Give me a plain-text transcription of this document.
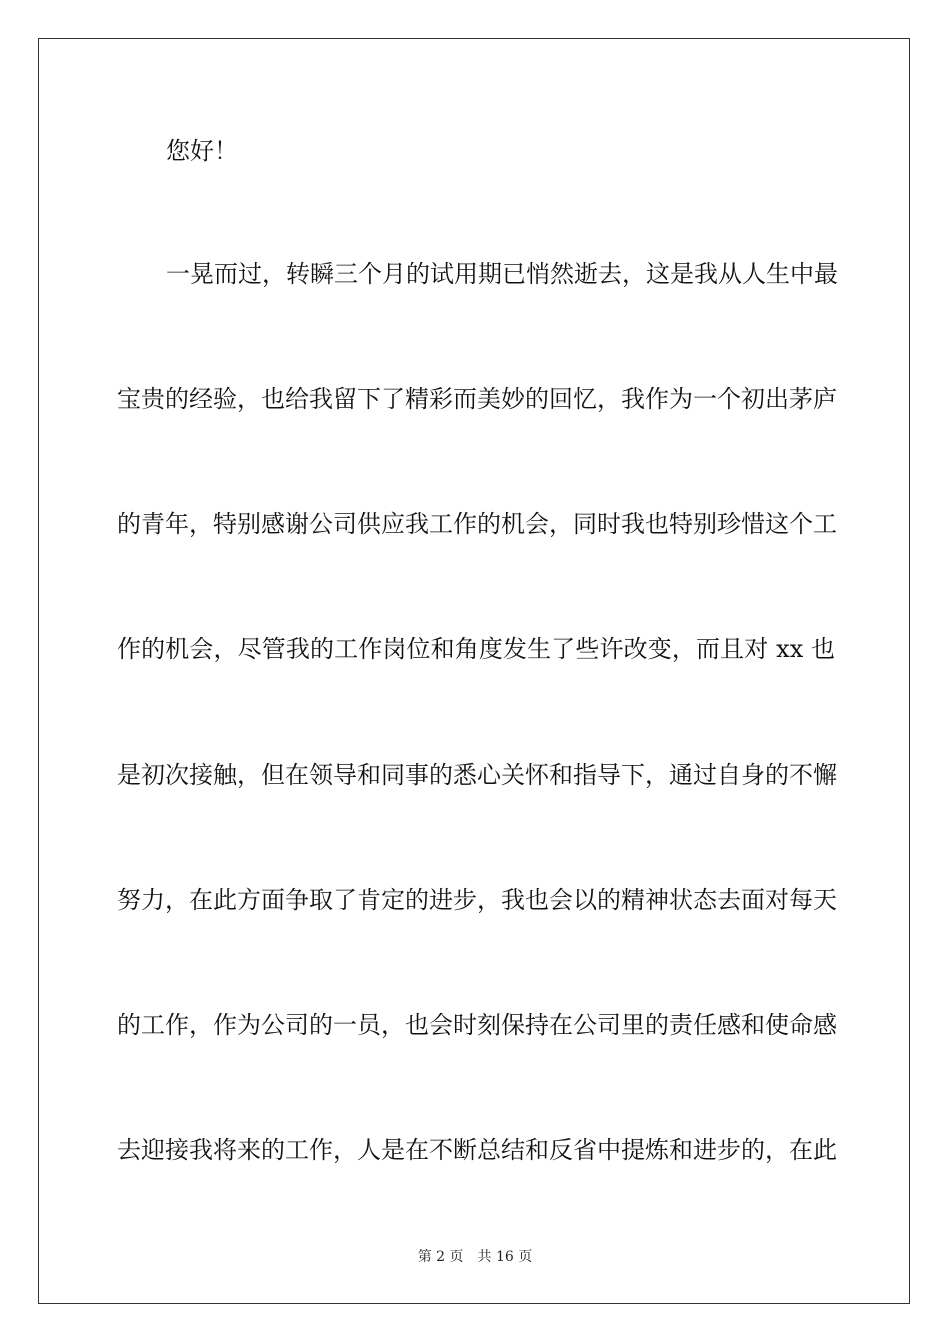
您好！
一晃而过，转瞬三个月的试用期已悄然逝去，这是我从人生中最
宝贵的经验，也给我留下了精彩而美妙的回忆，我作为一个初出茅庐
的青年，特别感谢公司供应我工作的机会，同时我也特别珍惜这个工
作的机会，尽管我的工作岗位和角度发生了些许改变，而且对 xx 也
是初次接触，但在领导和同事的悉心关怀和指导下，通过自身的不懈
努力，在此方面争取了肯定的进步，我也会以的精神状态去面对每天
的工作，作为公司的一员，也会时刻保持在公司里的责任感和使命感
去迎接我将来的工作，人是在不断总结和反省中提炼和进步的，在此
第 2 页 共 16 页
